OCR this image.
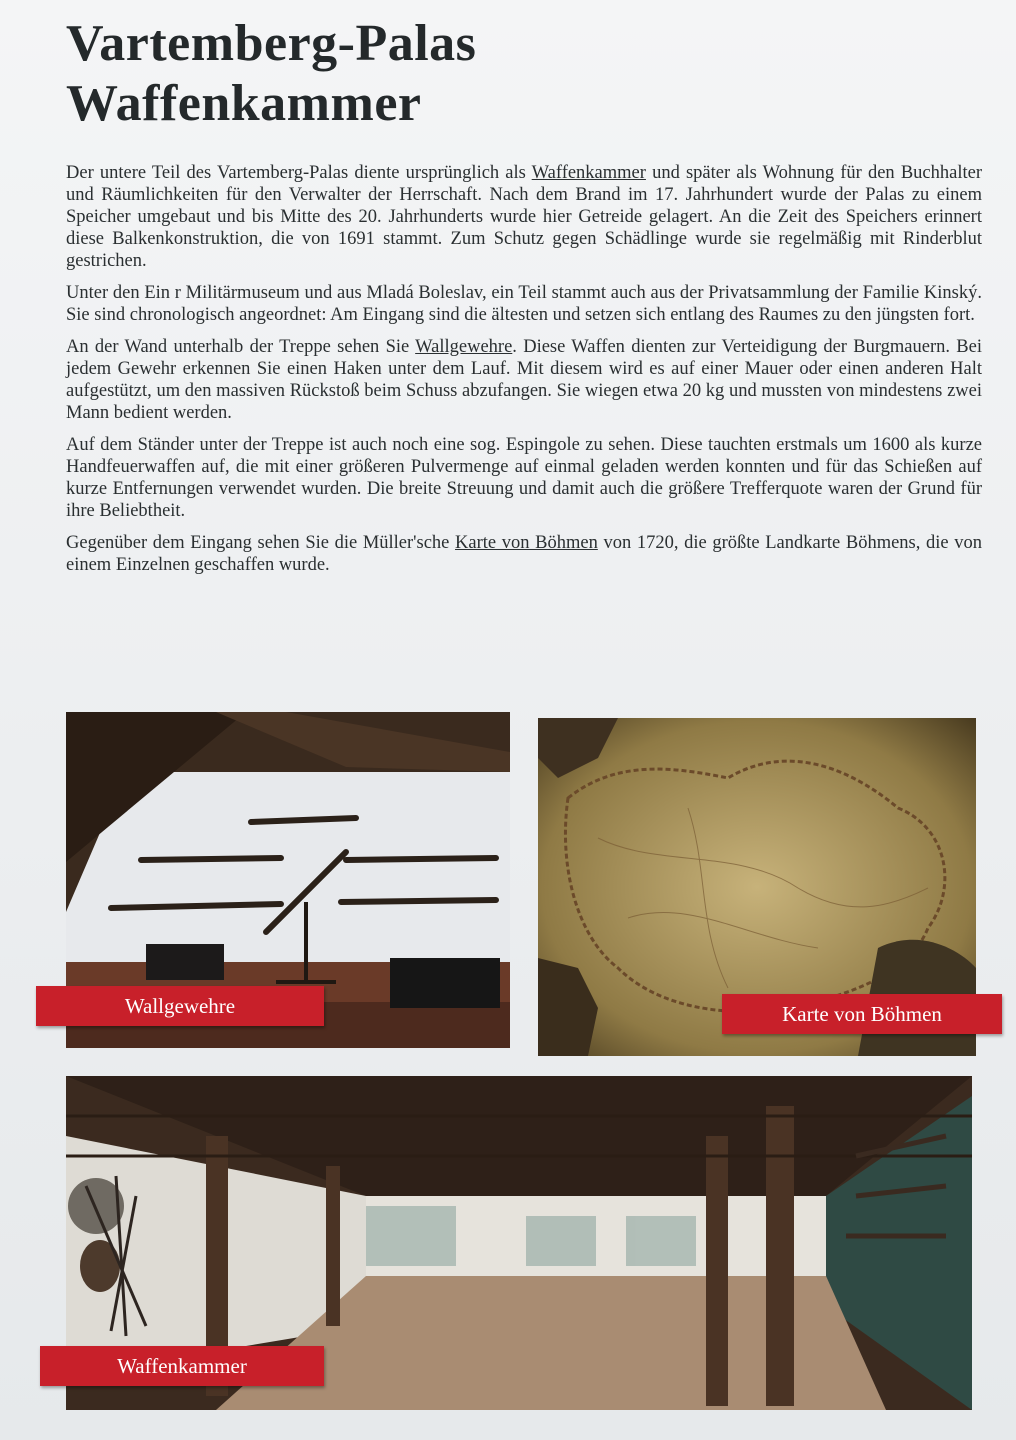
Vartemberg-Palas
Waffenkammer

Der untere Teil des Vartemberg-Palas diente ursprünglich als Waffenkammer und später als Wohnung für den Buchhalter und Räumlichkeiten für den Verwalter der Herrschaft. Nach dem Brand im 17. Jahrhundert wurde der Palas zu einem Speicher umgebaut und bis Mitte des 20. Jahrhunderts wurde hier Getreide gelagert. An die Zeit des Speichers erinnert diese Balkenkonstruktion, die von 1691 stammt. Zum Schutz gegen Schädlinge wurde sie regelmäßig mit Rinderblut gestrichen.

Unter den Ein r Militärmuseum und aus Mladá Boleslav, ein Teil stammt auch aus der Privatsammlung der Familie Kinský. Sie sind chronologisch angeordnet: Am Eingang sind die ältesten und setzen sich entlang des Raumes zu den jüngsten fort.

An der Wand unterhalb der Treppe sehen Sie Wallgewehre. Diese Waffen dienten zur Verteidigung der Burgmauern. Bei jedem Gewehr erkennen Sie einen Haken unter dem Lauf. Mit diesem wird es auf einer Mauer oder einen anderen Halt aufgestützt, um den massiven Rückstoß beim Schuss abzufangen. Sie wiegen etwa 20 kg und mussten von mindestens zwei Mann bedient werden.

Auf dem Ständer unter der Treppe ist auch noch eine sog. Espingole zu sehen. Diese tauchten erstmals um 1600 als kurze Handfeuerwaffen auf, die mit einer größeren Pulvermenge auf einmal geladen werden konnten und für das Schießen auf kurze Entfernungen verwendet wurden. Die breite Streuung und damit auch die größere Trefferquote waren der Grund für ihre Beliebtheit.

Gegenüber dem Eingang sehen Sie die Müller'sche Karte von Böhmen von 1720, die größte Landkarte Böhmens, die von einem Einzelnen geschaffen wurde.

Wallgewehre	Karte von Böhmen
Waffenkammer
